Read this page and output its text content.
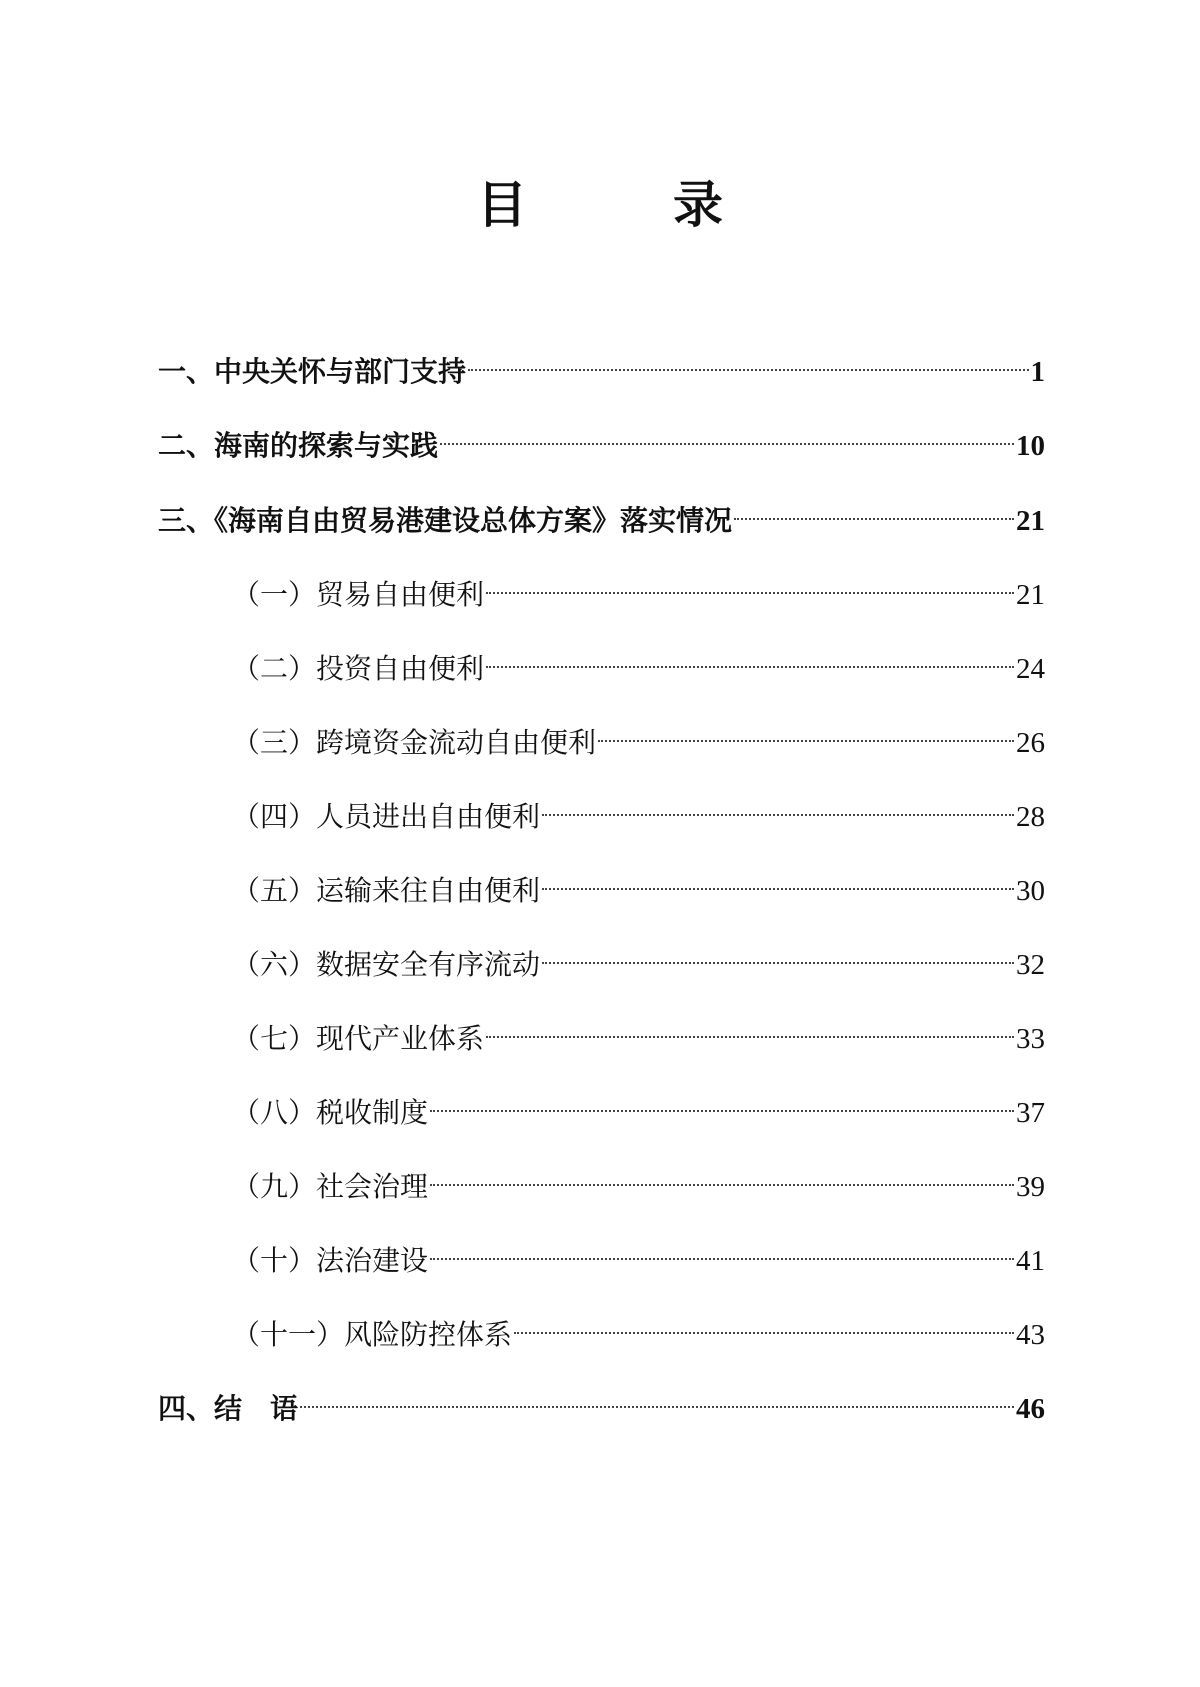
目　录
一、中央关怀与部门支持	1
二、海南的探索与实践	10
三、《海南自由贸易港建设总体方案》落实情况	21
（一）贸易自由便利	21
（二）投资自由便利	24
（三）跨境资金流动自由便利	26
（四）人员进出自由便利	28
（五）运输来往自由便利	30
（六）数据安全有序流动	32
（七）现代产业体系	33
（八）税收制度	37
（九）社会治理	39
（十）法治建设	41
（十一）风险防控体系	43
四、结　语	46
